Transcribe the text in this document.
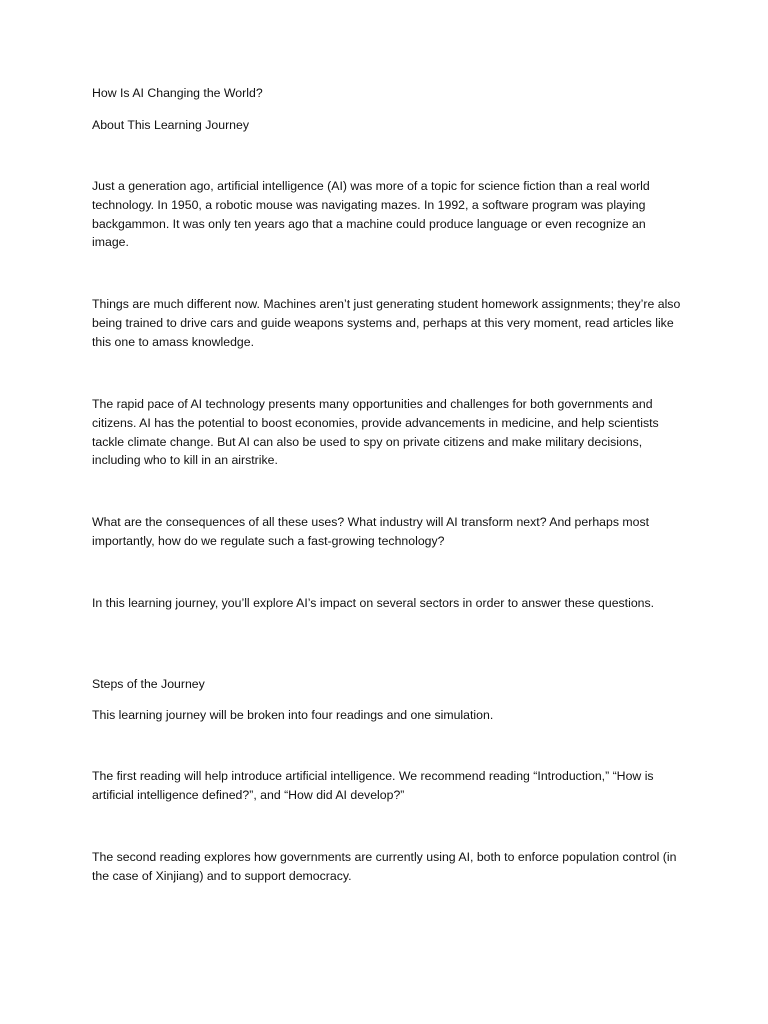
How Is AI Changing the World?

About This Learning Journey

Just a generation ago, artificial intelligence (AI) was more of a topic for science fiction than a real world technology. In 1950, a robotic mouse was navigating mazes. In 1992, a software program was playing backgammon. It was only ten years ago that a machine could produce language or even recognize an image.

Things are much different now. Machines aren’t just generating student homework assignments; they’re also being trained to drive cars and guide weapons systems and, perhaps at this very moment, read articles like this one to amass knowledge.

The rapid pace of AI technology presents many opportunities and challenges for both governments and citizens. AI has the potential to boost economies, provide advancements in medicine, and help scientists tackle climate change. But AI can also be used to spy on private citizens and make military decisions, including who to kill in an airstrike.

What are the consequences of all these uses? What industry will AI transform next? And perhaps most importantly, how do we regulate such a fast-growing technology?

In this learning journey, you’ll explore AI’s impact on several sectors in order to answer these questions.

Steps of the Journey

This learning journey will be broken into four readings and one simulation.

The first reading will help introduce artificial intelligence. We recommend reading “Introduction,” “How is artificial intelligence defined?”, and “How did AI develop?”

The second reading explores how governments are currently using AI, both to enforce population control (in the case of Xinjiang) and to support democracy.
